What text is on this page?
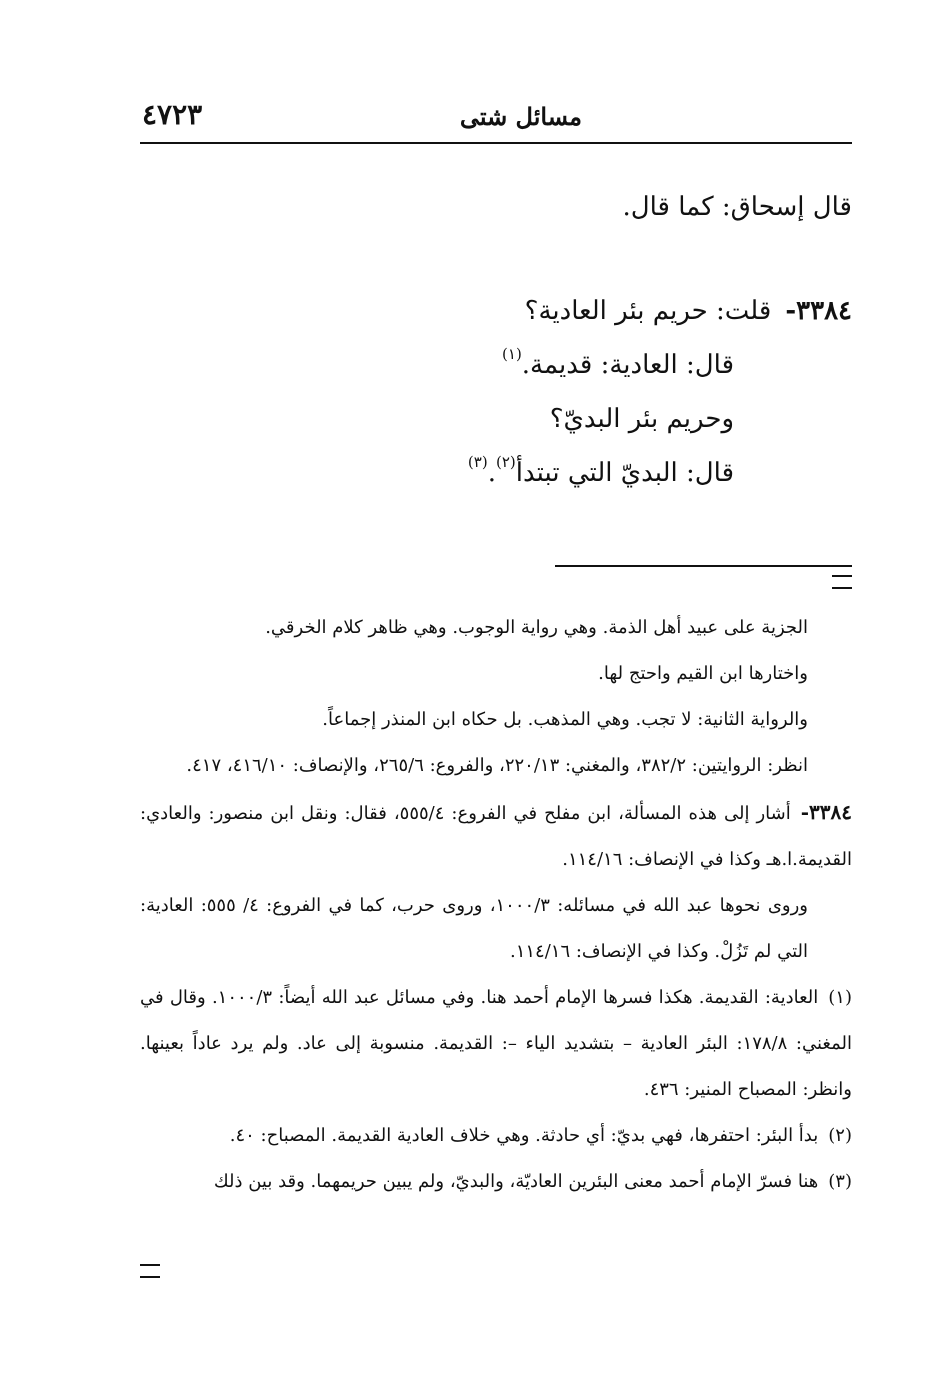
مسائل شتى
٤٧٢٣

قال إسحاق: كما قال.

٣٣٨٤-قلت: حريم بئر العادية؟

قال: العادية: قديمة.$^{(١)}$

وحريم بئر البديّ؟

قال: البديّ التي تبتدأ$^{(٢)}$.$^{(٣)}$

الجزية على عبيد أهل الذمة. وهي رواية الوجوب. وهي ظاهر كلام الخرقي.

واختارها ابن القيم واحتج لها.

والرواية الثانية: لا تجب. وهي المذهب. بل حكاه ابن المنذر إجماعاً.

انظر: الروايتين: ٣٨٢/٢، والمغني: ٢٢٠/١٣، والفروع: ٢٦٥/٦، والإنصاف: ٤١٦/١٠، ٤١٧.

٣٣٨٤-أشار إلى هذه المسألة، ابن مفلح في الفروع: ٥٥٥/٤، فقال: ونقل ابن منصور: والعادي: القديمة.ا.هـ وكذا في الإنصاف: ١١٤/١٦.

وروى نحوها عبد الله في مسائله: ١٠٠٠/٣، وروى حرب، كما في الفروع: ٤/ ٥٥٥: العادية: التي لم تَزُلْ. وكذا في الإنصاف: ١١٤/١٦.

(١)العادية: القديمة. هكذا فسرها الإمام أحمد هنا. وفي مسائل عبد الله أيضاً: ١٠٠٠/٣. وقال في المغني: ١٧٨/٨: البئر العادية – بتشديد الياء –: القديمة. منسوبة إلى عاد. ولم يرد عاداً بعينها. وانظر: المصباح المنير: ٤٣٦.

(٢)بدأ البئر: احتفرها، فهي بديّ: أي حادثة. وهي خلاف العادية القديمة. المصباح: ٤٠.

(٣)هنا فسرّ الإمام أحمد معنى البئرين العاديّة، والبديّ، ولم يبين حريمهما. وقد بين ذلك
